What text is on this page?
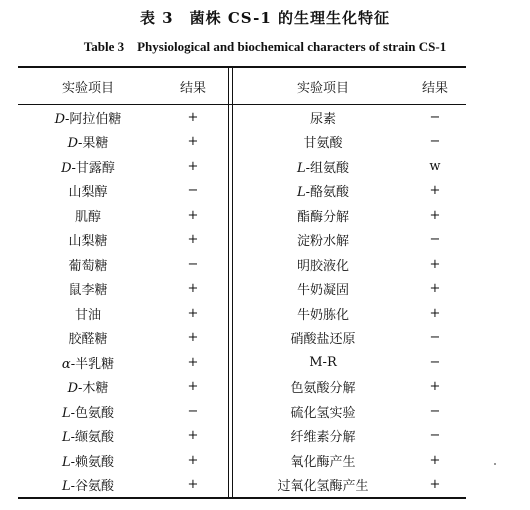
表 3　菌株 CS-1 的生理生化特征
Table 3　Physiological and biochemical characters of strain CS-1
实验项目	结果	实验项目	结果
D-阿拉伯糖	+	尿素	−
D-果糖	+	甘氨酸	−
D-甘露醇	+	L-组氨酸	w
山梨醇	−	L-酪氨酸	+
肌醇	+	酯酶分解	+
山梨糖	+	淀粉水解	−
葡萄糖	−	明胶液化	+
鼠李糖	+	牛奶凝固	+
甘油	+	牛奶胨化	+
胶醛糖	+	硝酸盐还原	−
α-半乳糖	+	M-R	−
D-木糖	+	色氨酸分解	+
L-色氨酸	−	硫化氢实验	−
L-缬氨酸	+	纤维素分解	−
L-赖氨酸	+	氧化酶产生	+
L-谷氨酸	+	过氧化氢酶产生	+
